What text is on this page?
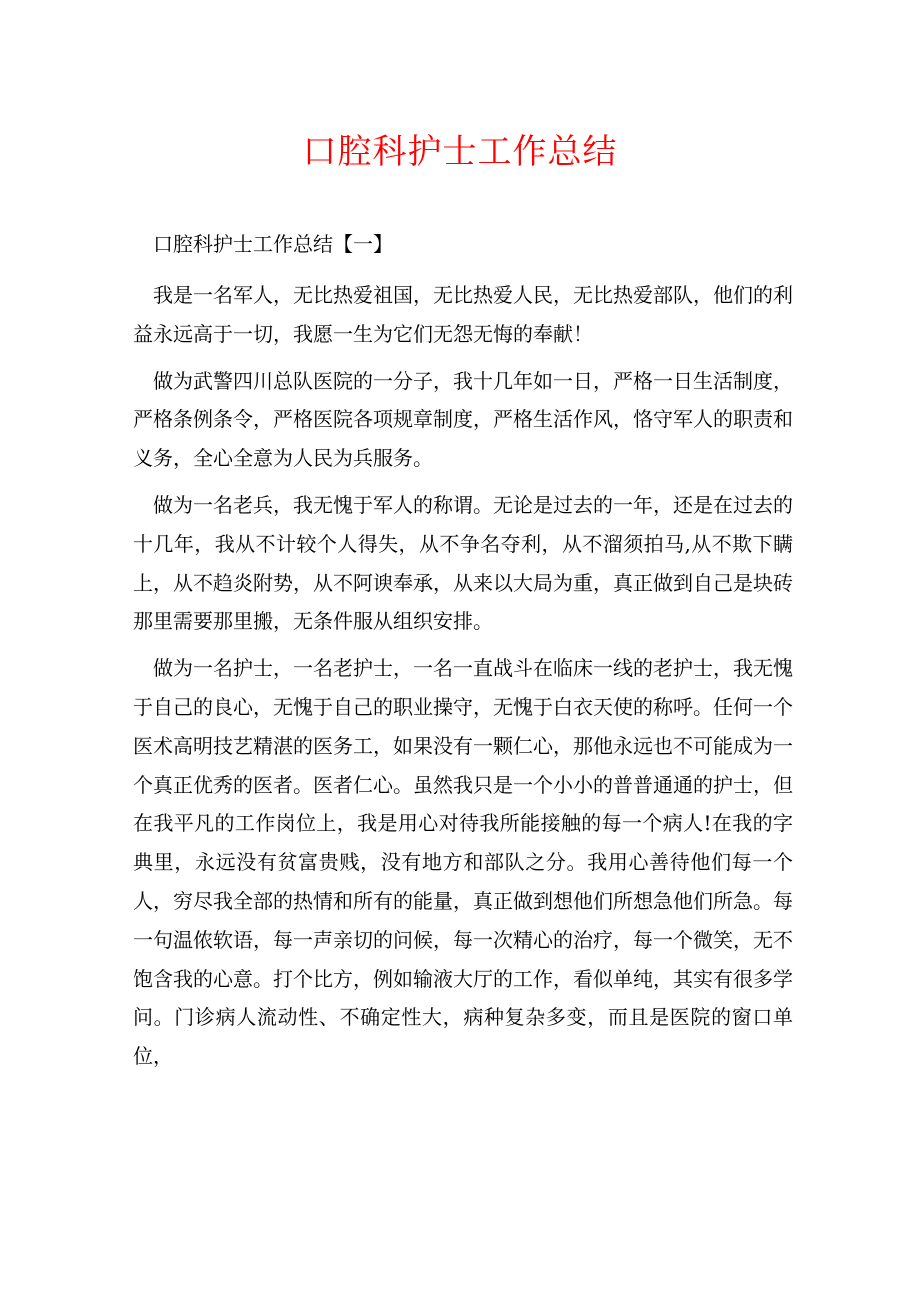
口腔科护士工作总结

口腔科护士工作总结【一】

我是一名军人，无比热爱祖国，无比热爱人民，无比热爱部队，他们的利益永远高于一切，我愿一生为它们无怨无悔的奉献！

做为武警四川总队医院的一分子，我十几年如一日，严格一日生活制度，严格条例条令，严格医院各项规章制度，严格生活作风，恪守军人的职责和义务，全心全意为人民为兵服务。

做为一名老兵，我无愧于军人的称谓。无论是过去的一年，还是在过去的十几年，我从不计较个人得失，从不争名夺利，从不溜须拍马,从不欺下瞒上，从不趋炎附势，从不阿谀奉承，从来以大局为重，真正做到自己是块砖那里需要那里搬，无条件服从组织安排。

做为一名护士，一名老护士，一名一直战斗在临床一线的老护士，我无愧于自己的良心，无愧于自己的职业操守，无愧于白衣天使的称呼。任何一个医术高明技艺精湛的医务工，如果没有一颗仁心，那他永远也不可能成为一个真正优秀的医者。医者仁心。虽然我只是一个小小的普普通通的护士，但在我平凡的工作岗位上，我是用心对待我所能接触的每一个病人!在我的字典里，永远没有贫富贵贱，没有地方和部队之分。我用心善待他们每一个人，穷尽我全部的热情和所有的能量，真正做到想他们所想急他们所急。每一句温侬软语，每一声亲切的问候，每一次精心的治疗，每一个微笑，无不饱含我的心意。打个比方，例如输液大厅的工作，看似单纯，其实有很多学问。门诊病人流动性、不确定性大，病种复杂多变，而且是医院的窗口单位，
